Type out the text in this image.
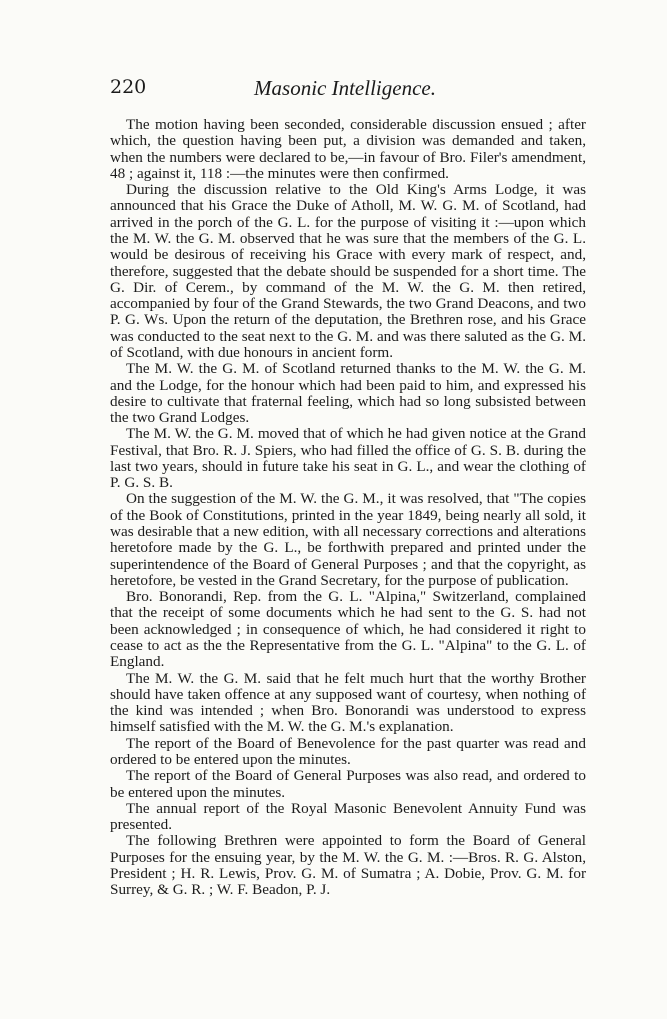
220	Masonic Intelligence.

The motion having been seconded, considerable discussion ensued ; after which, the question having been put, a division was demanded and taken, when the numbers were declared to be,—in favour of Bro. Filer's amendment, 48 ; against it, 118 :—the minutes were then confirmed.

During the discussion relative to the Old King's Arms Lodge, it was announced that his Grace the Duke of Atholl, M. W. G. M. of Scotland, had arrived in the porch of the G. L. for the purpose of visiting it :—upon which the M. W. the G. M. observed that he was sure that the members of the G. L. would be desirous of receiving his Grace with every mark of respect, and, therefore, suggested that the debate should be suspended for a short time. The G. Dir. of Cerem., by command of the M. W. the G. M. then retired, accompanied by four of the Grand Stewards, the two Grand Deacons, and two P. G. Ws. Upon the return of the deputation, the Brethren rose, and his Grace was conducted to the seat next to the G. M. and was there saluted as the G. M. of Scotland, with due honours in ancient form.

The M. W. the G. M. of Scotland returned thanks to the M. W. the G. M. and the Lodge, for the honour which had been paid to him, and expressed his desire to cultivate that fraternal feeling, which had so long subsisted between the two Grand Lodges.

The M. W. the G. M. moved that of which he had given notice at the Grand Festival, that Bro. R. J. Spiers, who had filled the office of G. S. B. during the last two years, should in future take his seat in G. L., and wear the clothing of P. G. S. B.

On the suggestion of the M. W. the G. M., it was resolved, that "The copies of the Book of Constitutions, printed in the year 1849, being nearly all sold, it was desirable that a new edition, with all necessary corrections and alterations heretofore made by the G. L., be forthwith prepared and printed under the superintendence of the Board of General Purposes ; and that the copyright, as heretofore, be vested in the Grand Secretary, for the purpose of publication.

Bro. Bonorandi, Rep. from the G. L. "Alpina," Switzerland, complained that the receipt of some documents which he had sent to the G. S. had not been acknowledged ; in consequence of which, he had considered it right to cease to act as the the Representative from the G. L. "Alpina" to the G. L. of England.

The M. W. the G. M. said that he felt much hurt that the worthy Brother should have taken offence at any supposed want of courtesy, when nothing of the kind was intended ; when Bro. Bonorandi was understood to express himself satisfied with the M. W. the G. M.'s explanation.

The report of the Board of Benevolence for the past quarter was read and ordered to be entered upon the minutes.

The report of the Board of General Purposes was also read, and ordered to be entered upon the minutes.

The annual report of the Royal Masonic Benevolent Annuity Fund was presented.

The following Brethren were appointed to form the Board of General Purposes for the ensuing year, by the M. W. the G. M. :—Bros. R. G. Alston, President ; H. R. Lewis, Prov. G. M. of Sumatra ; A. Dobie, Prov. G. M. for Surrey, & G. R. ; W. F. Beadon, P. J.
